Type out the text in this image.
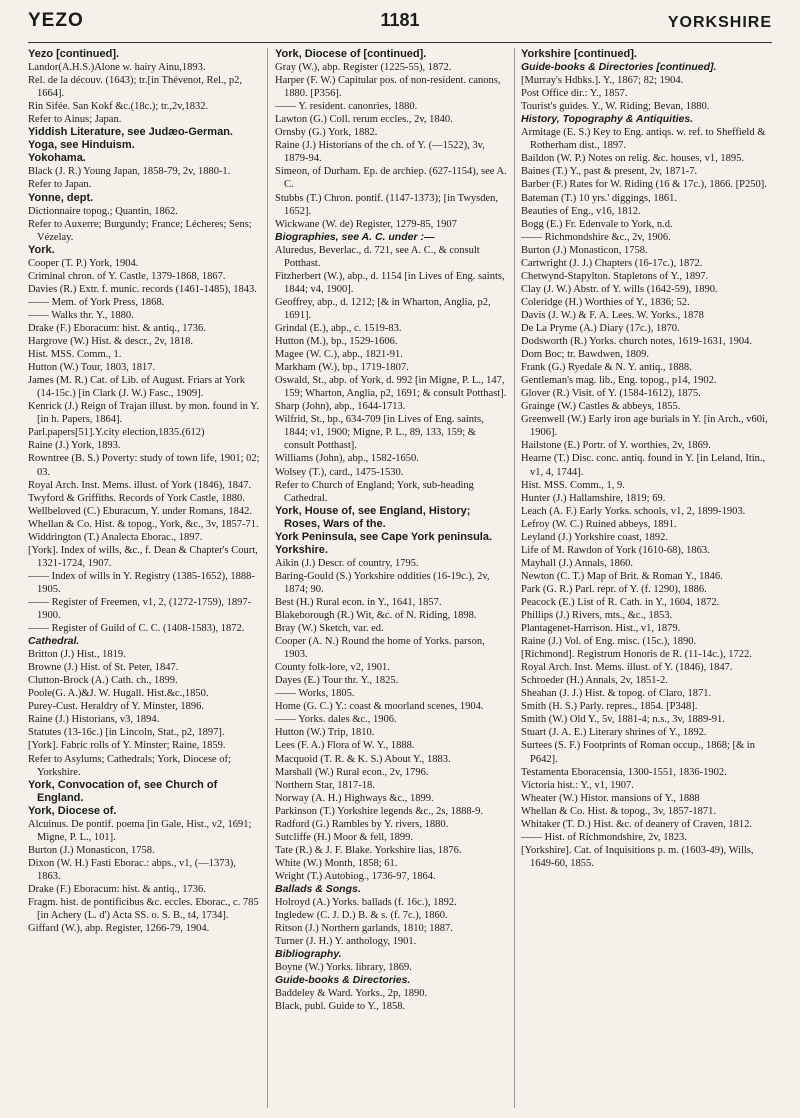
YEZO	1181	YORKSHIRE
Yezo [continued].
Landor(A.H.S.)Alone w. hairy Ainu,1893.
Rel. de la découv. (1643); tr.[in Thévenot, Rel., p2, 1664].
Rin Sifée. San Kokf &c.(18c.); tr.,2v,1832.
Refer to Ainus; Japan.
Yiddish Literature, see Judæo-German.
Yoga, see Hinduism.
Yokohama.
Black (J. R.) Young Japan, 1858-79, 2v, 1880-1.
Refer to Japan.
Yonne, dept.
Dictionnaire topog.; Quantin, 1862.
Refer to Auxerre; Burgundy; France; Lécheres; Sens; Vézelay.
York.
Cooper (T. P.) York, 1904.
Criminal chron. of Y. Castle, 1379-1868, 1867.
Davies (R.) Extr. f. munic. records (1461-1485), 1843.
—— Mem. of York Press, 1868.
—— Walks thr. Y., 1880.
Drake (F.) Eboracum: hist. & antiq., 1736.
Hargrove (W.) Hist. & descr., 2v, 1818.
Hist. MSS. Comm., 1.
Hutton (W.) Tour, 1803, 1817.
James (M. R.) Cat. of Lib. of August. Friars at York (14-15c.) [in Clark (J. W.) Fasc., 1909].
Kenrick (J.) Reign of Trajan illust. by mon. found in Y. [in h. Papers, 1864].
Parl.papers[51].Y.city election,1835.(612)
Raine (J.) York, 1893.
Rowntree (B. S.) Poverty: study of town life, 1901; 02; 03.
Royal Arch. Inst. Mems. illust. of York (1846), 1847.
Twyford & Griffiths. Records of York Castle, 1880.
Wellbeloved (C.) Eburacum, Y. under Romans, 1842.
Whellan & Co. Hist. & topog., York, &c., 3v, 1857-71.
Widdrington (T.) Analecta Eborac., 1897.
[York]. Index of wills, &c., f. Dean & Chapter's Court, 1321-1724, 1907.
—— Index of wills in Y. Registry (1385-1652), 1888-1905.
—— Register of Freemen, v1, 2, (1272-1759), 1897-1900.
—— Register of Guild of C. C. (1408-1583), 1872.
Cathedral.
Britton (J.) Hist., 1819.
Browne (J.) Hist. of St. Peter, 1847.
Clutton-Brock (A.) Cath. ch., 1899.
Poole(G. A.)&J. W. Hugall. Hist.&c.,1850.
Purey-Cust. Heraldry of Y. Minster, 1896.
Raine (J.) Historians, v3, 1894.
Statutes (13-16c.) [in Lincoln, Stat., p2, 1897].
[York]. Fabric rolls of Y. Minster; Raine, 1859.
Refer to Asylums; Cathedrals; York, Diocese of; Yorkshire.
York, Convocation of, see Church of England.
York, Diocese of.
Alcuinus. De pontif. poema [in Gale, Hist., v2, 1691; Migne, P. L., 101].
Burton (J.) Monasticon, 1758.
Dixon (W. H.) Fasti Eborac.: abps., v1, (—1373), 1863.
Drake (F.) Eboracum: hist. & antiq., 1736.
Fragm. hist. de pontificibus &c. eccles. Eborac., c. 785 [in Achery (L. d') Acta SS. o. S. B., t4, 1734].
Giffard (W.), abp. Register, 1266-79, 1904.
York, Diocese of [continued].
Gray (W.), abp. Register (1225-55), 1872.
Harper (F. W.) Capitular pos. of non-resident. canons, 1880. [P356].
—— Y. resident. canonries, 1880.
Lawton (G.) Coll. rerum eccles., 2v, 1840.
Ornsby (G.) York, 1882.
Raine (J.) Historians of the ch. of Y. (—1522), 3v, 1879-94.
Simeon, of Durham. Ep. de archiep. (627-1154), see A. C.
Stubbs (T.) Chron. pontif. (1147-1373); [in Twysden, 1652].
Wickwane (W. de) Register, 1279-85, 1907
Biographies, see A. C. under :—
Aluredus, Beverlac., d. 721, see A. C., & consult Potthast.
Fitzherbert (W.), abp., d. 1154 [in Lives of Eng. saints, 1844; v4, 1900].
Geoffrey, abp., d. 1212; [& in Wharton, Anglia, p2, 1691].
Grindal (E.), abp., c. 1519-83.
Hutton (M.), bp., 1529-1606.
Magee (W. C.), abp., 1821-91.
Markham (W.), bp., 1719-1807.
Oswald, St., abp. of York, d. 992 [in Migne, P. L., 147, 159; Wharton, Anglia, p2, 1691; & consult Potthast].
Sharp (John), abp., 1644-1713.
Wilfrid, St., bp., 634-709 [in Lives of Eng. saints, 1844; v1, 1900; Migne, P. L., 89, 133, 159; & consult Potthast].
Williams (John), abp., 1582-1650.
Wolsey (T.), card., 1475-1530.
Refer to Church of England; York, sub-heading Cathedral.
York, House of, see England, History; Roses, Wars of the.
York Peninsula, see Cape York peninsula.
Yorkshire.
Aikin (J.) Descr. of country, 1795.
Baring-Gould (S.) Yorkshire oddities (16-19c.), 2v, 1874; 90.
Best (H.) Rural econ. in Y., 1641, 1857.
Blakeborough (R.) Wit, &c. of N. Riding, 1898.
Bray (W.) Sketch, var. ed.
Cooper (A. N.) Round the home of Yorks. parson, 1903.
County folk-lore, v2, 1901.
Dayes (E.) Tour thr. Y., 1825.
—— Works, 1805.
Home (G. C.) Y.: coast & moorland scenes, 1904.
—— Yorks. dales &c., 1906.
Hutton (W.) Trip, 1810.
Lees (F. A.) Flora of W. Y., 1888.
Macquoid (T. R. & K. S.) About Y., 1883.
Marshall (W.) Rural econ., 2v, 1796.
Northern Star, 1817-18.
Norway (A. H.) Highways &c., 1899.
Parkinson (T.) Yorkshire legends &c., 2s, 1888-9.
Radford (G.) Rambles by Y. rivers, 1880.
Sutcliffe (H.) Moor & fell, 1899.
Tate (R.) & J. F. Blake. Yorkshire lias, 1876.
White (W.) Month, 1858; 61.
Wright (T.) Autobiog., 1736-97, 1864.
Ballads & Songs.
Holroyd (A.) Yorks. ballads (f. 16c.), 1892.
Ingledew (C. J. D.) B. & s. (f. 7c.), 1860.
Ritson (J.) Northern garlands, 1810; 1887.
Turner (J. H.) Y. anthology, 1901.
Bibliography.
Boyne (W.) Yorks. library, 1869.
Guide-books & Directories.
Baddeley & Ward. Yorks., 2p, 1890.
Black, publ. Guide to Y., 1858.
Yorkshire [continued].
Guide-books & Directories [continued].
[Murray's Hdbks.]. Y., 1867; 82; 1904.
Post Office dir.: Y., 1857.
Tourist's guides. Y., W. Riding; Bevan, 1880.
History, Topography & Antiquities.
Armitage (E. S.) Key to Eng. antiqs. w. ref. to Sheffield & Rotherham dist., 1897.
Baildon (W. P.) Notes on relig. &c. houses, v1, 1895.
Baines (T.) Y., past & present, 2v, 1871-7.
Barber (F.) Rates for W. Riding (16 & 17c.), 1866. [P250].
Bateman (T.) 10 yrs.' diggings, 1861.
Beauties of Eng., v16, 1812.
Bogg (E.) Fr. Edenvale to York, n.d.
—— Richmondshire &c., 2v, 1906.
Burton (J.) Monasticon, 1758.
Cartwright (J. J.) Chapters (16-17c.), 1872.
Chetwynd-Stapylton. Stapletons of Y., 1897.
Clay (J. W.) Abstr. of Y. wills (1642-59), 1890.
Coleridge (H.) Worthies of Y., 1836; 52.
Davis (J. W.) & F. A. Lees. W. Yorks., 1878
De La Pryme (A.) Diary (17c.), 1870.
Dodsworth (R.) Yorks. church notes, 1619-1631, 1904.
Dom Boc; tr. Bawdwen, 1809.
Frank (G.) Ryedale & N. Y. antiq., 1888.
Gentleman's mag. lib., Eng. topog., p14, 1902.
Glover (R.) Visit. of Y. (1584-1612), 1875.
Grainge (W.) Castles & abbeys, 1855.
Greenwell (W.) Early iron age burials in Y. [in Arch., v60i, 1906].
Hailstone (E.) Portr. of Y. worthies, 2v, 1869.
Hearne (T.) Disc. conc. antiq. found in Y. [in Leland, Itin., v1, 4, 1744].
Hist. MSS. Comm., 1, 9.
Hunter (J.) Hallamshire, 1819; 69.
Leach (A. F.) Early Yorks. schools, v1, 2, 1899-1903.
Lefroy (W. C.) Ruined abbeys, 1891.
Leyland (J.) Yorkshire coast, 1892.
Life of M. Rawdon of York (1610-68), 1863.
Mayhall (J.) Annals, 1860.
Newton (C. T.) Map of Brit. & Roman Y., 1846.
Park (G. R.) Parl. repr. of Y. (f. 1290), 1886.
Peacock (E.) List of R. Cath. in Y., 1604, 1872.
Phillips (J.) Rivers, mts., &c., 1853.
Plantagenet-Harrison. Hist., v1, 1879.
Raine (J.) Vol. of Eng. misc. (15c.), 1890.
[Richmond]. Registrum Honoris de R. (11-14c.), 1722.
Royal Arch. Inst. Mems. illust. of Y. (1846), 1847.
Schroeder (H.) Annals, 2v, 1851-2.
Sheahan (J. J.) Hist. & topog. of Claro, 1871.
Smith (H. S.) Parly. repres., 1854. [P348].
Smith (W.) Old Y., 5v, 1881-4; n.s., 3v, 1889-91.
Stuart (J. A. E.) Literary shrines of Y., 1892.
Surtees (S. F.) Footprints of Roman occup., 1868; [& in P642].
Testamenta Eboracensia, 1300-1551, 1836-1902.
Victoria hist.: Y., v1, 1907.
Wheater (W.) Histor. mansions of Y., 1888
Whellan & Co. Hist. & topog., 3v, 1857-1871.
Whitaker (T. D.) Hist. &c. of deanery of Craven, 1812.
—— Hist. of Richmondshire, 2v, 1823.
[Yorkshire]. Cat. of Inquisitions p. m. (1603-49), Wills, 1649-60, 1855.
